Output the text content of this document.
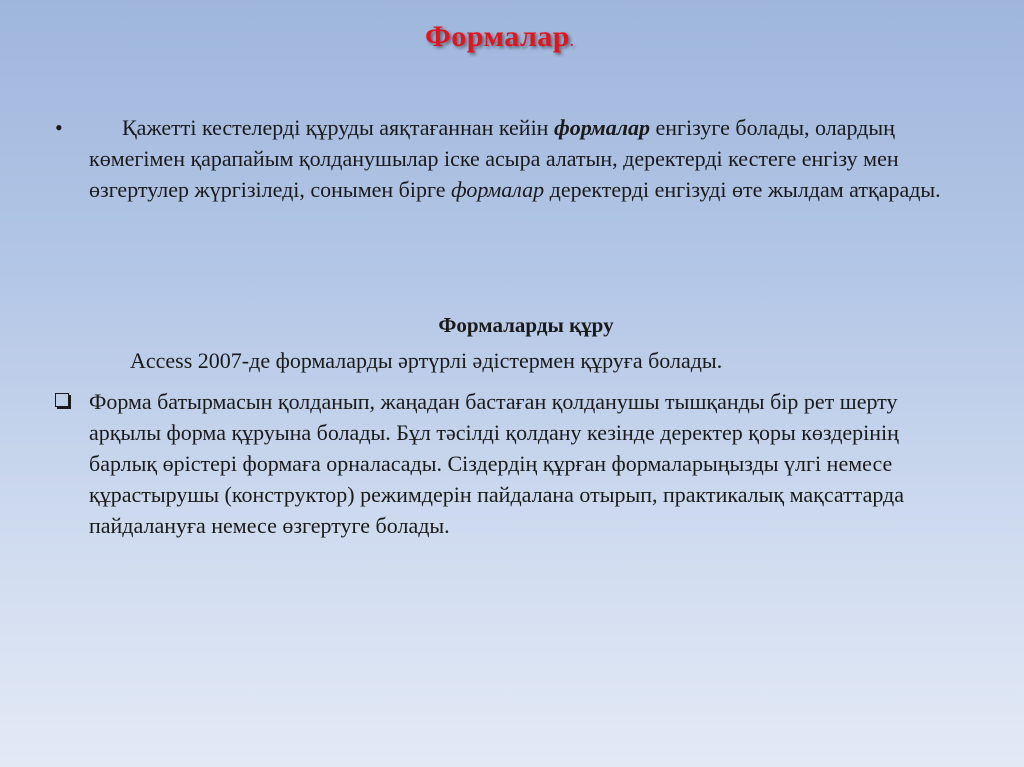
Формалар.
•	Қажетті кестелерді құруды аяқтағаннан кейін формалар енгізуге болады, олардың көмегімен қарапайым қолданушылар іске асыра алатын, деректерді кестеге енгізу мен өзгертулер жүргізіледі, сонымен бірге формалар деректерді енгізуді өте жылдам атқарады.
Формаларды құру
Access 2007-де формаларды әртүрлі әдістермен құруға болады.
Форма батырмасын қолданып, жаңадан бастаған қолданушы тышқанды бір рет шерту арқылы форма құруына болады. Бұл тәсілді қолдану кезінде деректер қоры көздерінің барлық өрістері формаға орналасады. Сіздердің құрған формаларыңызды үлгі немесе құрастырушы (конструктор) режимдерін пайдалана отырып, практикалық мақсаттарда пайдалануға немесе өзгертуге болады.
